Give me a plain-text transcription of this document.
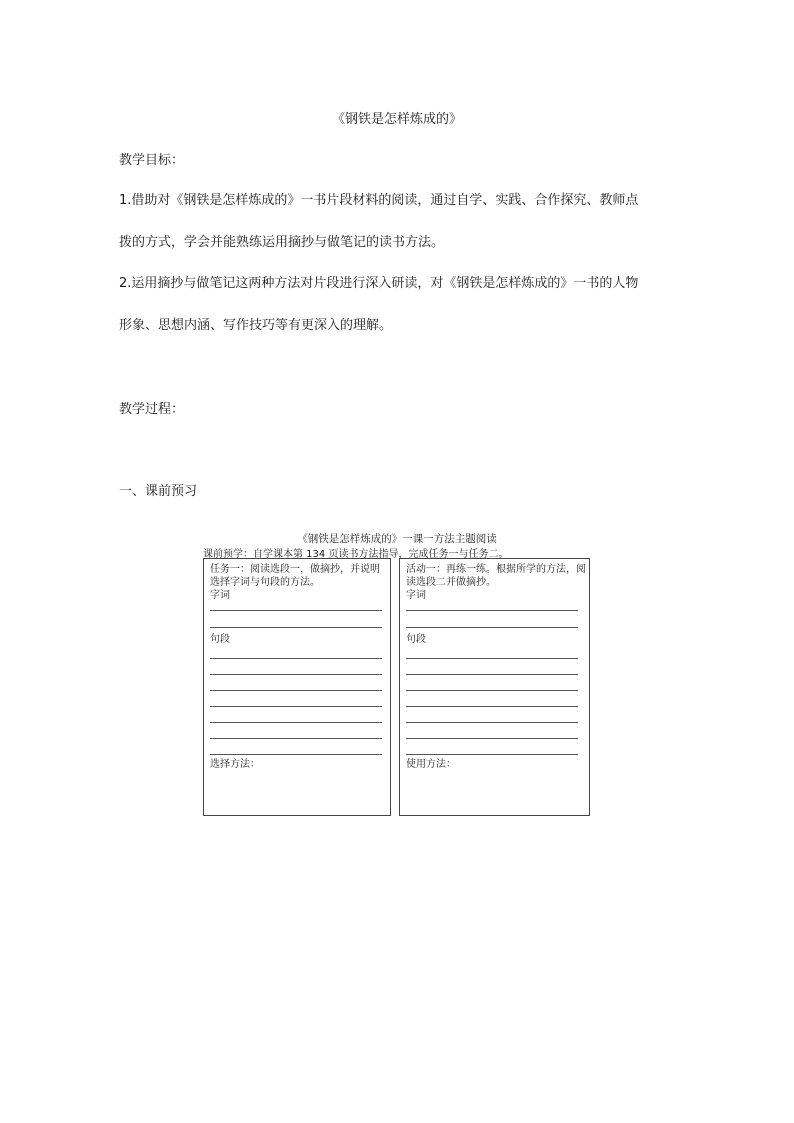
《钢铁是怎样炼成的》
教学目标：
1.借助对《钢铁是怎样炼成的》一书片段材料的阅读，通过自学、实践、合作探究、教师点
拨的方式，学会并能熟练运用摘抄与做笔记的读书方法。
2.运用摘抄与做笔记这两种方法对片段进行深入研读，对《钢铁是怎样炼成的》一书的人物
形象、思想内涵、写作技巧等有更深入的理解。
教学过程：
一、课前预习
《钢铁是怎样炼成的》一课一方法主题阅读
课前预学：自学课本第 134 页读书方法指导，完成任务一与任务二。
任务一：阅读选段一，做摘抄，并说明
选择字词与句段的方法。
字词
句段
选择方法：
活动一：再练一练。根据所学的方法，阅
读选段二并做摘抄。
字词
句段
使用方法：
